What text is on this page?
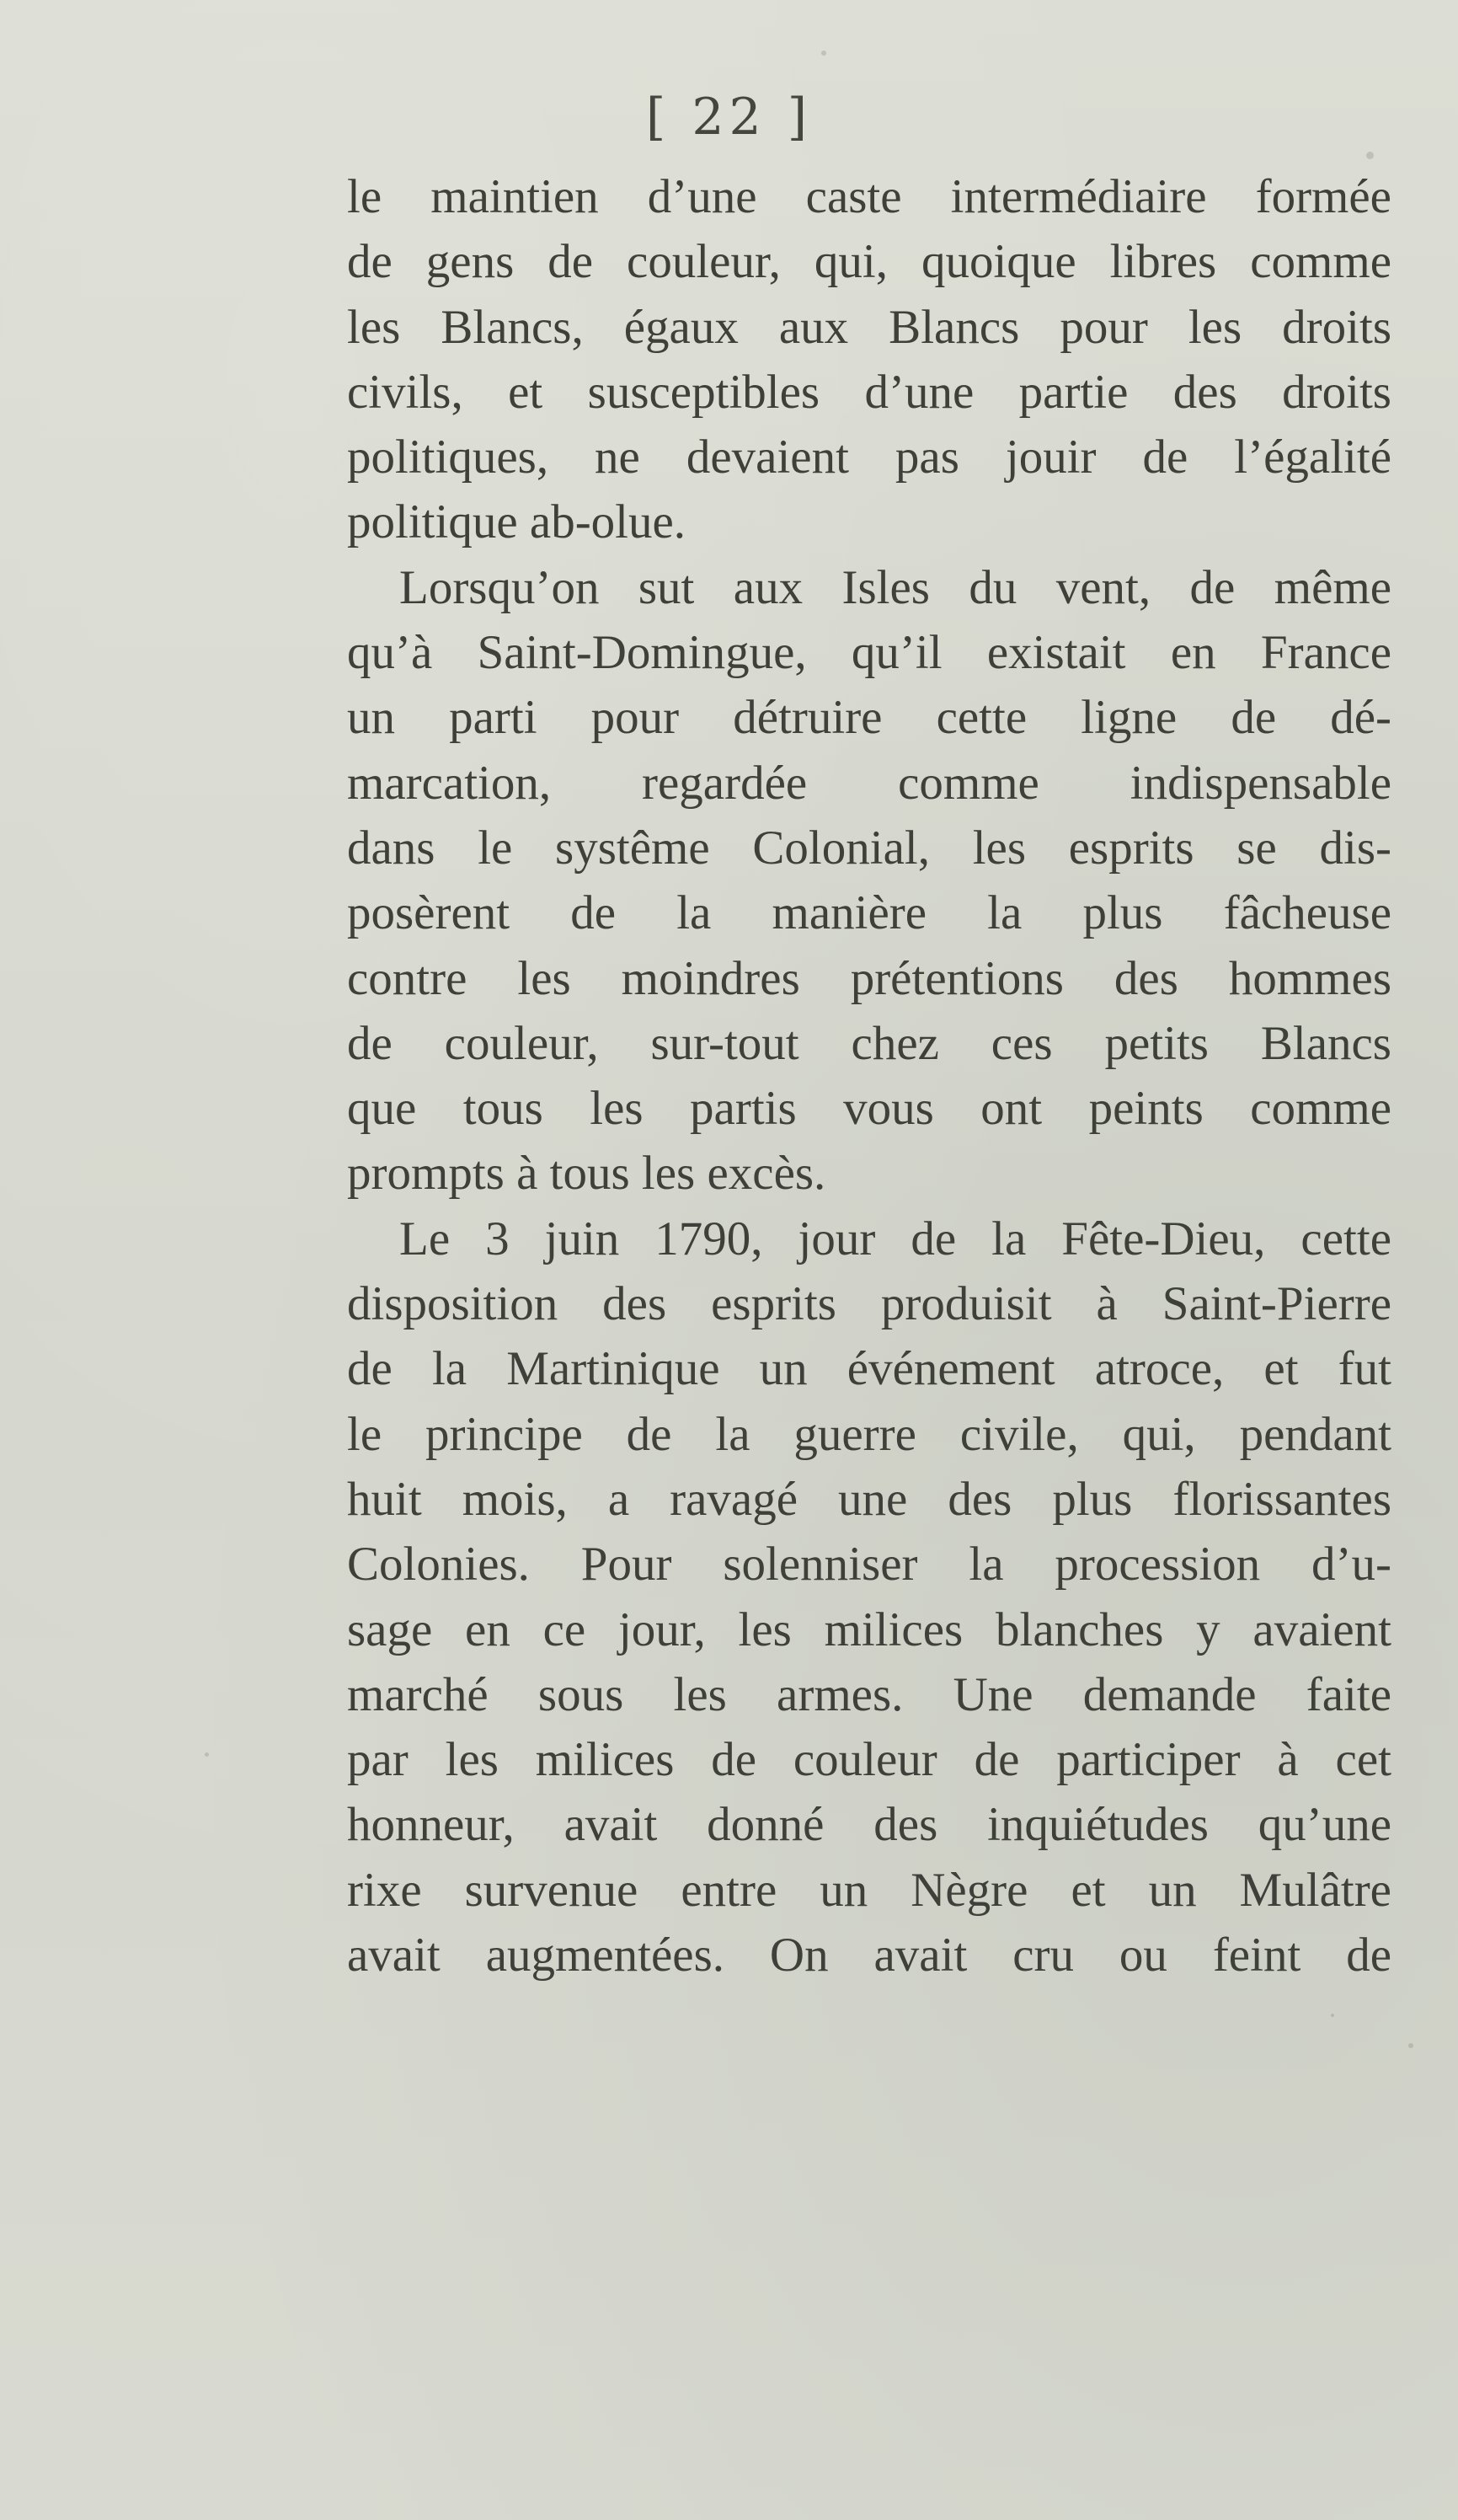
[ 22 ]
le maintien d’une caste intermédiaire formée
de gens de couleur, qui, quoique libres comme
les Blancs, égaux aux Blancs pour les droits
civils, et susceptibles d’une partie des droits
politiques, ne devaient pas jouir de l’égalité
politique ab-olue.
Lorsqu’on sut aux Isles du vent, de même
qu’à Saint-Domingue, qu’il existait en France
un parti pour détruire cette ligne de dé-
marcation, regardée comme indispensable
dans le systême Colonial, les esprits se dis-
posèrent de la manière la plus fâcheuse
contre les moindres prétentions des hommes
de couleur, sur-tout chez ces petits Blancs
que tous les partis vous ont peints comme
prompts à tous les excès.
Le 3 juin 1790, jour de la Fête-Dieu, cette
disposition des esprits produisit à Saint-Pierre
de la Martinique un événement atroce, et fut
le principe de la guerre civile, qui, pendant
huit mois, a ravagé une des plus florissantes
Colonies. Pour solenniser la procession d’u-
sage en ce jour, les milices blanches y avaient
marché sous les armes. Une demande faite
par les milices de couleur de participer à cet
honneur, avait donné des inquiétudes qu’une
rixe survenue entre un Nègre et un Mulâtre
avait augmentées. On avait cru ou feint de
